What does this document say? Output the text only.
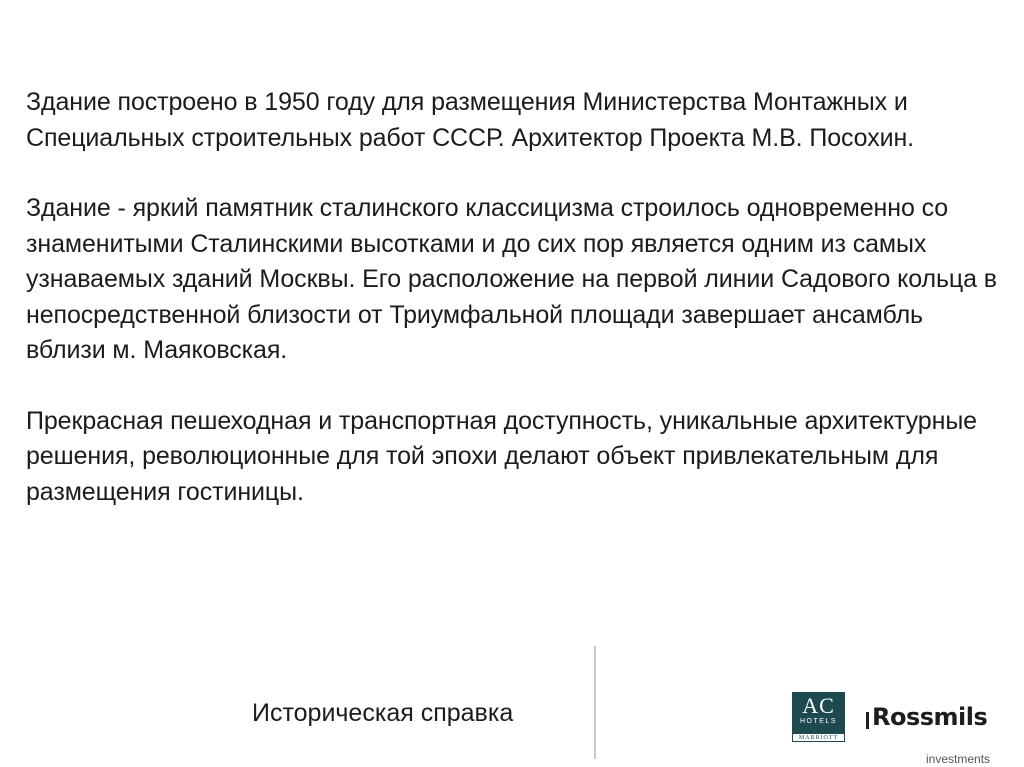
Здание построено в 1950 году для размещения Министерства Монтажных и Специальных строительных работ СССР. Архитектор Проекта М.В. Посохин.

Здание - яркий памятник сталинского классицизма строилось одновременно со знаменитыми Сталинскими высотками и до сих пор является одним из самых узнаваемых зданий Москвы. Его расположение на первой линии Садового кольца в непосредственной близости от Триумфальной площади завершает ансамбль вблизи м. Маяковская.

Прекрасная пешеходная и транспортная доступность, уникальные архитектурные решения, революционные для той эпохи делают объект привлекательным для размещения гостиницы.

Историческая справка	AC
HOTELS
MARRIOTT
Rossmils
investments
